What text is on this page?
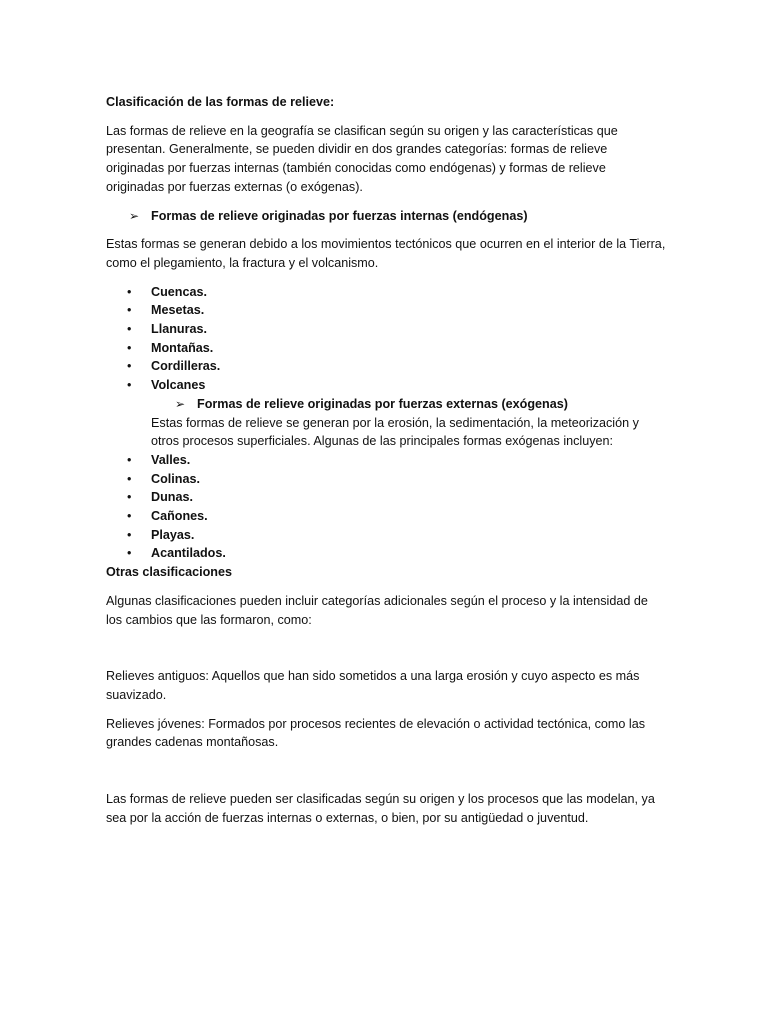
Clasificación de las formas de relieve:

Las formas de relieve en la geografía se clasifican según su origen y las características que presentan. Generalmente, se pueden dividir en dos grandes categorías: formas de relieve originadas por fuerzas internas (también conocidas como endógenas) y formas de relieve originadas por fuerzas externas (o exógenas).

➢ Formas de relieve originadas por fuerzas internas (endógenas)

Estas formas se generan debido a los movimientos tectónicos que ocurren en el interior de la Tierra, como el plegamiento, la fractura y el volcanismo.

• Cuencas.
• Mesetas.
• Llanuras.
• Montañas.
• Cordilleras.
• Volcanes

➢ Formas de relieve originadas por fuerzas externas (exógenas)

Estas formas de relieve se generan por la erosión, la sedimentación, la meteorización y otros procesos superficiales. Algunas de las principales formas exógenas incluyen:

• Valles.
• Colinas.
• Dunas.
• Cañones.
• Playas.
• Acantilados.

Otras clasificaciones

Algunas clasificaciones pueden incluir categorías adicionales según el proceso y la intensidad de los cambios que las formaron, como:

Relieves antiguos: Aquellos que han sido sometidos a una larga erosión y cuyo aspecto es más suavizado.

Relieves jóvenes: Formados por procesos recientes de elevación o actividad tectónica, como las grandes cadenas montañosas.

Las formas de relieve pueden ser clasificadas según su origen y los procesos que las modelan, ya sea por la acción de fuerzas internas o externas, o bien, por su antigüedad o juventud.
